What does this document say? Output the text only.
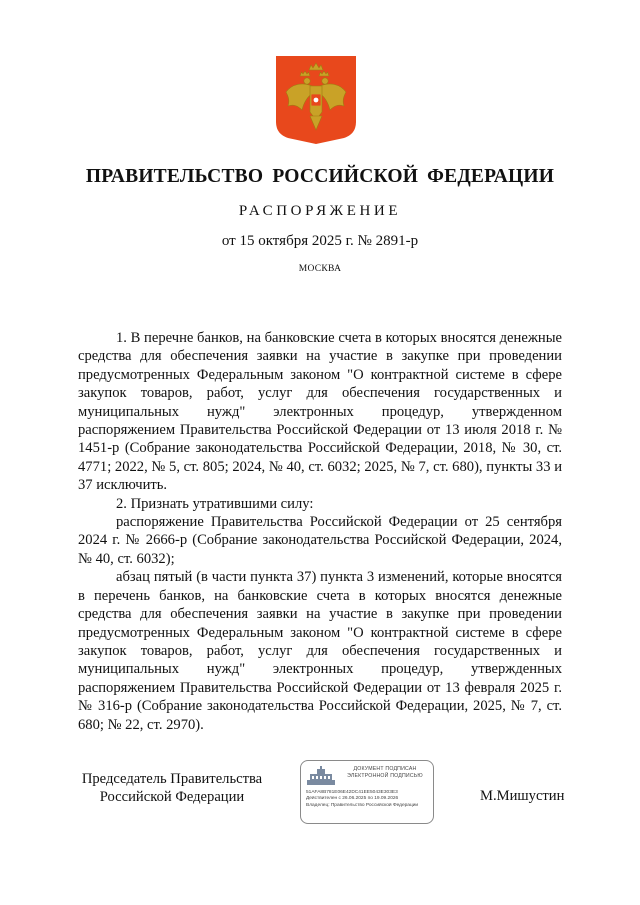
ПРАВИТЕЛЬСТВО РОССИЙСКОЙ ФЕДЕРАЦИИ
РАСПОРЯЖЕНИЕ
от 15 октября 2025 г. № 2891-р
МОСКВА

1. В перечне банков, на банковские счета в которых вносятся денежные средства для обеспечения заявки на участие в закупке при проведении предусмотренных Федеральным законом "О контрактной системе в сфере закупок товаров, работ, услуг для обеспечения государственных и муниципальных нужд" электронных процедур, утвержденном распоряжением Правительства Российской Федерации от 13 июля 2018 г. № 1451-р (Собрание законодательства Российской Федерации, 2018, № 30, ст. 4771; 2022, № 5, ст. 805; 2024, № 40, ст. 6032; 2025, № 7, ст. 680), пункты 33 и 37 исключить.

2. Признать утратившими силу:

распоряжение Правительства Российской Федерации от 25 сентября 2024 г. № 2666-р (Собрание законодательства Российской Федерации, 2024, № 40, ст. 6032);

абзац пятый (в части пункта 37) пункта 3 изменений, которые вносятся в перечень банков, на банковские счета в которых вносятся денежные средства для обеспечения заявки на участие в закупке при проведении предусмотренных Федеральным законом "О контрактной системе в сфере закупок товаров, работ, услуг для обеспечения государственных и муниципальных нужд" электронных процедур, утвержденных распоряжением Правительства Российской Федерации от 13 февраля 2025 г. № 316-р (Собрание законодательства Российской Федерации, 2025, № 7, ст. 680; № 22, ст. 2970).

Председатель Правительства
Российской Федерации
ДОКУМЕНТ ПОДПИСАН
ЭЛЕКТРОННОЙ ПОДПИСЬЮ
51AFA8B781E06E42DC41EE5043E303E3
Действителен с 26.06.2025 по 19.09.2026
Владелец: Правительство Российской Федерации
М.Мишустин
